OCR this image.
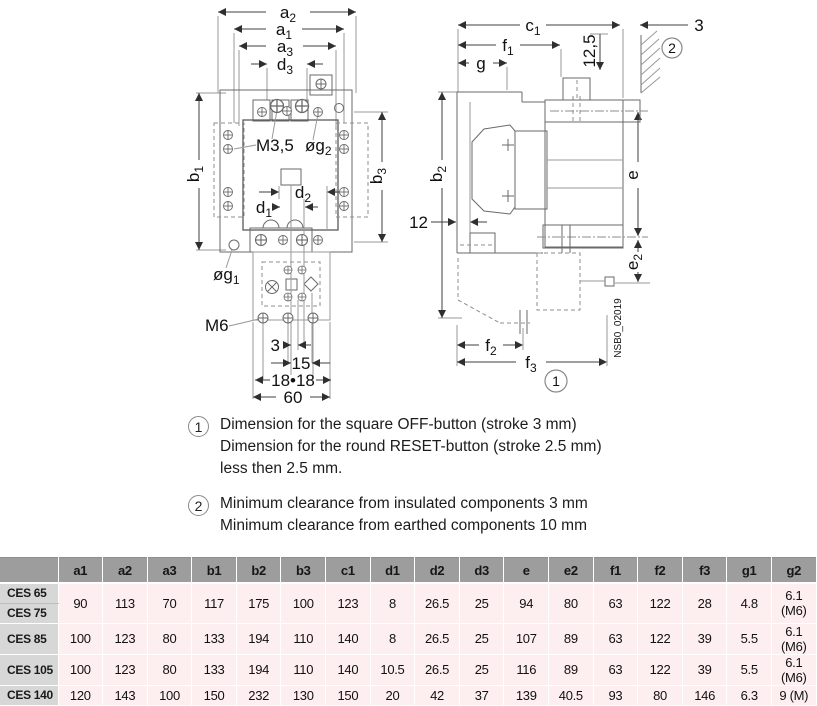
$a_2$
$a_1$
$a_3$
$d_3$
$b_1$
$b_3$
M3,5 $øg_2$
$d_2$
$d_1$
$øg_1$
M6
3
15
18•18
60
$c_1$
$f_1$
g	12,5
3
$b_2$
12
e
$e_2$
$f_2$
$f_3$
2
1
NSB0_02019
1	Dimension for the square OFF-button (stroke 3 mm)
Dimension for the round RESET-button (stroke 2.5 mm)
less then 2.5 mm.
2	Minimum clearance from insulated components 3 mm
Minimum clearance from earthed components 10 mm
	a1	a2	a3	b1	b2	b3	c1	d1	d2	d3	e	e2	f1	f2	f3	g1	g2
CES 65	90	113	70	117	175	100	123	8	26.5	25	94	80	63	122	28	4.8	6.1 (M6)
CES 75																	
CES 85	100	123	80	133	194	110	140	8	26.5	25	107	89	63	122	39	5.5	6.1 (M6)
CES 105	100	123	80	133	194	110	140	10.5	26.5	25	116	89	63	122	39	5.5	6.1 (M6)
CES 140	120	143	100	150	232	130	150	20	42	37	139	40.5	93	80	146	6.3	9 (M)
